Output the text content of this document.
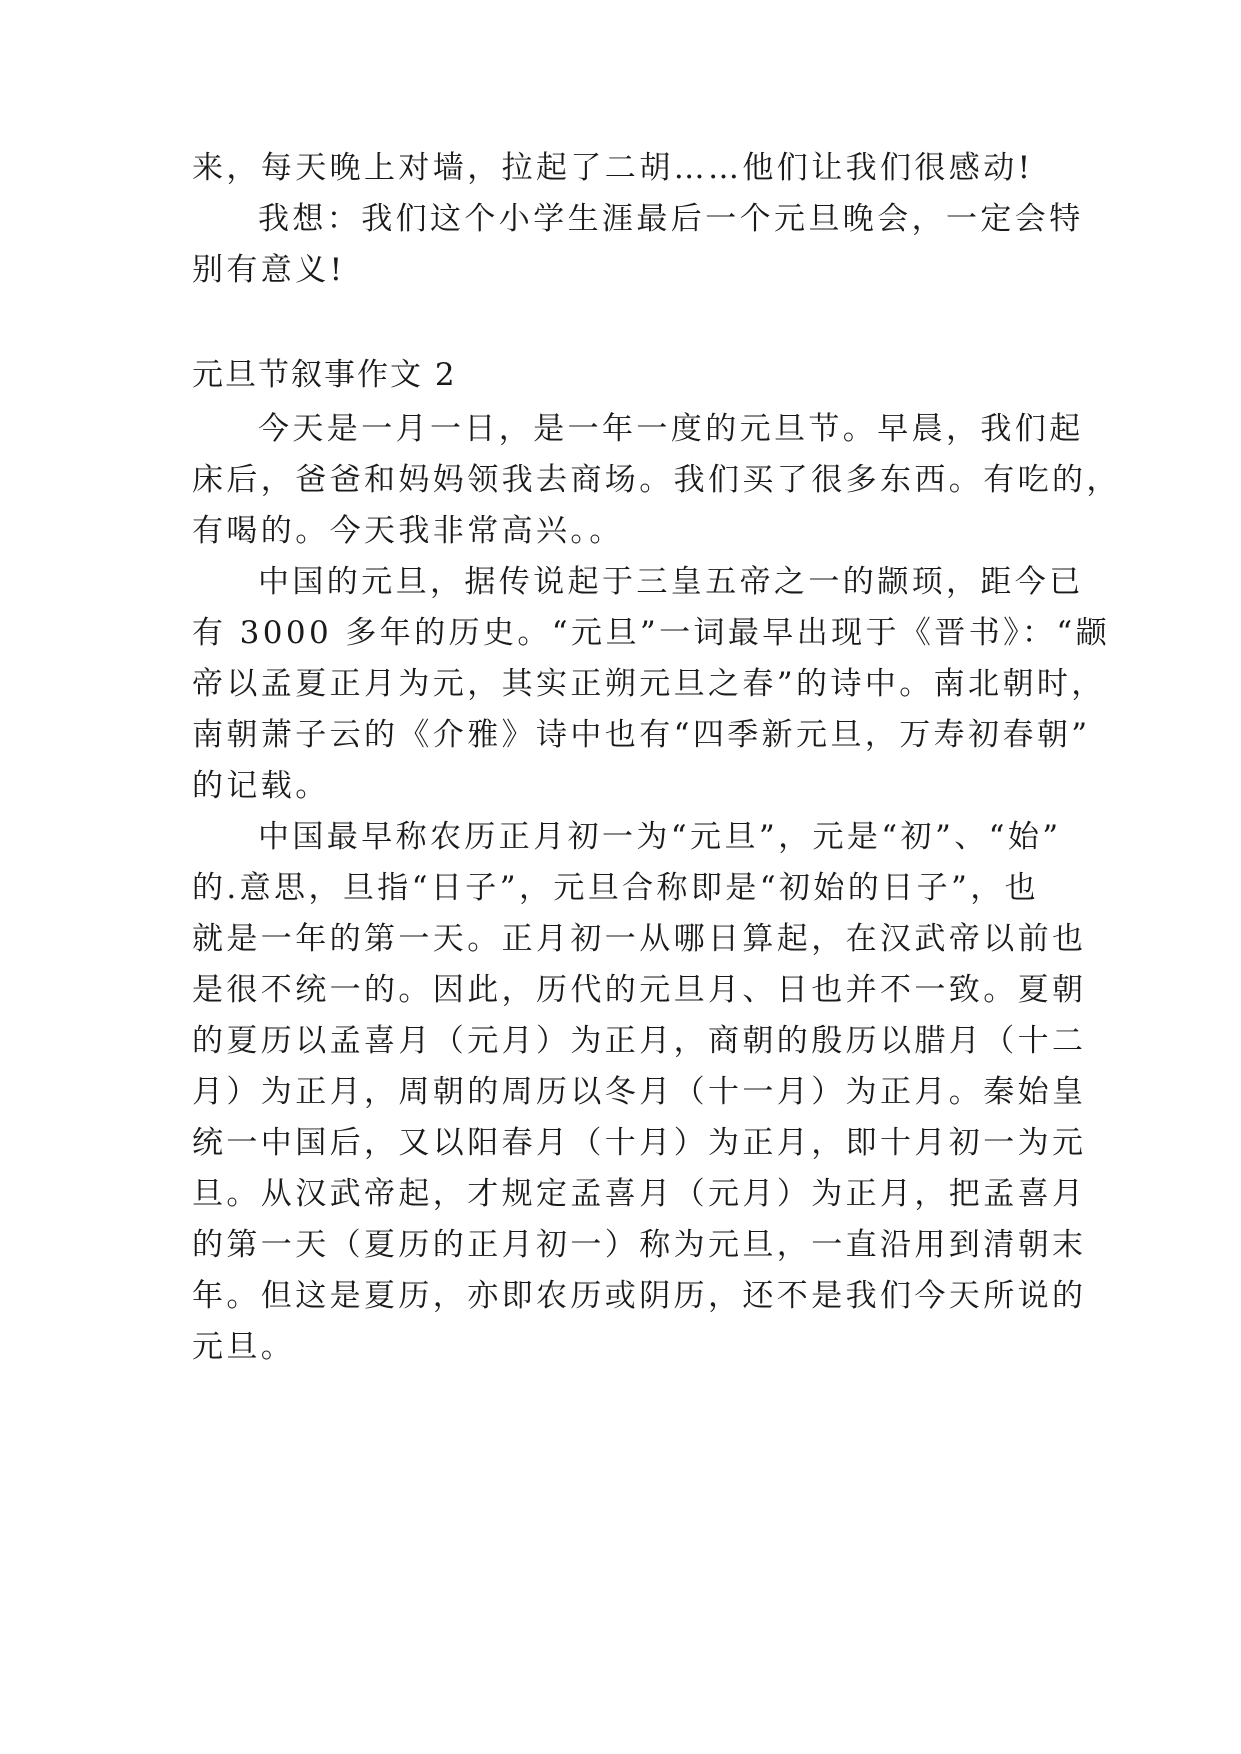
来，每天晚上对墙，拉起了二胡……他们让我们很感动!
我想：我们这个小学生涯最后一个元旦晚会，一定会特
别有意义!
元旦节叙事作文 2
今天是一月一日，是一年一度的元旦节。早晨，我们起
床后，爸爸和妈妈领我去商场。我们买了很多东西。有吃的，
有喝的。今天我非常高兴。。
中国的元旦，据传说起于三皇五帝之一的颛顼，距今已
有 3000 多年的历史。“元旦”一词最早出现于《晋书》：“颛
帝以孟夏正月为元，其实正朔元旦之春”的诗中。南北朝时，
南朝萧子云的《介雅》诗中也有“四季新元旦，万寿初春朝”
的记载。
中国最早称农历正月初一为“元旦”，元是“初”、“始”
的.意思，旦指“日子”，元旦合称即是“初始的日子”，也
就是一年的第一天。正月初一从哪日算起，在汉武帝以前也
是很不统一的。因此，历代的元旦月、日也并不一致。夏朝
的夏历以孟喜月（元月）为正月，商朝的殷历以腊月（十二
月）为正月，周朝的周历以冬月（十一月）为正月。秦始皇
统一中国后，又以阳春月（十月）为正月，即十月初一为元
旦。从汉武帝起，才规定孟喜月（元月）为正月，把孟喜月
的第一天（夏历的正月初一）称为元旦，一直沿用到清朝末
年。但这是夏历，亦即农历或阴历，还不是我们今天所说的
元旦。
